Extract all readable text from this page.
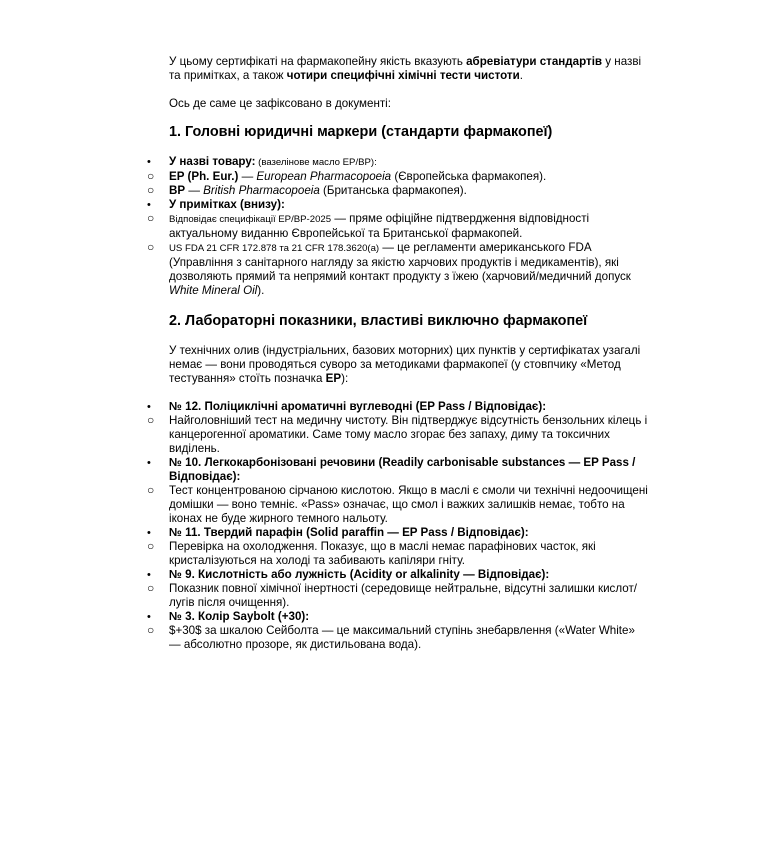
У цьому сертифікаті на фармакопейну якість вказують абревіатури стандартів у назві та примітках, а також чотири специфічні хімічні тести чистоти.

Ось де саме це зафіксовано в документі:

1. Головні юридичні маркери (стандарти фармакопеї)

• У назві товару: (вазелінове масло EP/BP):
○ EP (Ph. Eur.) — European Pharmacopoeia (Європейська фармакопея).
○ BP — British Pharmacopoeia (Британська фармакопея).
• У примітках (внизу):
○ Відповідає специфікації EP/BP-2025 — пряме офіційне підтвердження відповідності актуальному виданню Європейської та Британської фармакопей.
○ US FDA 21 CFR 172.878 та 21 CFR 178.3620(a) — це регламенти американського FDA (Управління з санітарного нагляду за якістю харчових продуктів і медикаментів), які дозволяють прямий та непрямий контакт продукту з їжею (харчовий/медичний допуск White Mineral Oil).

2. Лабораторні показники, властиві виключно фармакопеї

У технічних олив (індустріальних, базових моторних) цих пунктів у сертифікатах узагалі немає — вони проводяться суворо за методиками фармакопеї (у стовпчику «Метод тестування» стоїть позначка EP):

• № 12. Поліциклічні ароматичні вуглеводні (EP Pass / Відповідає):
○ Найголовніший тест на медичну чистоту. Він підтверджує відсутність бензольних кілець і канцерогенної ароматики. Саме тому масло згорає без запаху, диму та токсичних виділень.
• № 10. Легкокарбонізовані речовини (Readily carbonisable substances — EP Pass / Відповідає):
○ Тест концентрованою сірчаною кислотою. Якщо в маслі є смоли чи технічні недоочищені домішки — воно темніє. «Pass» означає, що смол і важких залишків немає, тобто на іконах не буде жирного темного нальоту.
• № 11. Твердий парафін (Solid paraffin — EP Pass / Відповідає):
○ Перевірка на охолодження. Показує, що в маслі немає парафінових часток, які кристалізуються на холоді та забивають капіляри гніту.
• № 9. Кислотність або лужність (Acidity or alkalinity — Відповідає):
○ Показник повної хімічної інертності (середовище нейтральне, відсутні залишки кислот/лугів після очищення).
• № 3. Колір Saybolt (+30):
○ $+30$ за шкалою Сейболта — це максимальний ступінь знебарвлення («Water White» — абсолютно прозоре, як дистильована вода).
